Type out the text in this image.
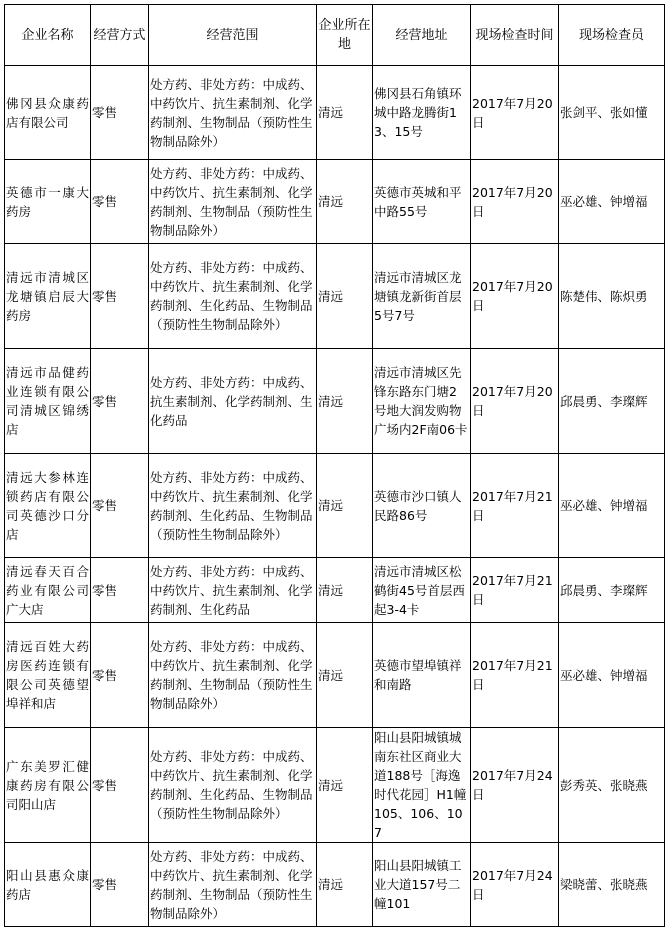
企业名称	经营方式	经营范围	企业所在地	经营地址	现场检查时间	现场检查员
佛冈县众康药店有限公司	零售	处方药、非处方药：中成药、中药饮片、抗生素制剂、化学药制剂、生物制品（预防性生物制品除外）	清远	佛冈县石角镇环城中路龙腾街13、15号	2017年7月20日	张剑平、张如懂
英德市一康大药房	零售	处方药、非处方药：中成药、中药饮片、抗生素制剂、化学药制剂、生物制品（预防性生物制品除外）	清远	英德市英城和平中路55号	2017年7月20日	巫必雄、钟增福
清远市清城区龙塘镇启辰大药房	零售	处方药、非处方药：中成药、中药饮片、抗生素制剂、化学药制剂、生化药品、生物制品（预防性生物制品除外）	清远	清远市清城区龙塘镇龙新街首层5号7号	2017年7月20日	陈楚伟、陈炽勇
清远市品健药业连锁有限公司清城区锦绣店	零售	处方药、非处方药：中成药、抗生素制剂、化学药制剂、生化药品	清远	清远市清城区先锋东路东门塘2号地大润发购物广场内2F南06卡	2017年7月20日	邱晨勇、李璨辉
清远大参林连锁药店有限公司英德沙口分店	零售	处方药、非处方药：中成药、中药饮片、抗生素制剂、化学药制剂、生化药品、生物制品（预防性生物制品除外）	清远	英德市沙口镇人民路86号	2017年7月21日	巫必雄、钟增福
清远春天百合药业有限公司广大店	零售	处方药、非处方药：中成药、中药饮片、抗生素制剂、化学药制剂、生化药品	清远	清远市清城区松鹤街45号首层西起3-4卡	2017年7月21日	邱晨勇、李璨辉
清远百姓大药房医药连锁有限公司英德望埠祥和店	零售	处方药、非处方药：中成药、中药饮片、抗生素制剂、化学药制剂、生物制品（预防性生物制品除外）	清远	英德市望埠镇祥和南路	2017年7月21日	巫必雄、钟增福
广东美罗汇健康药房有限公司阳山店	零售	处方药、非处方药：中成药、中药饮片、抗生素制剂、化学药制剂、生化药品、生物制品（预防性生物制品除外）	清远	阳山县阳城镇城南东社区商业大道188号［海逸时代花园］H1幢105、106、107	2017年7月24日	彭秀英、张晓燕
阳山县惠众康药店	零售	处方药、非处方药：中成药、中药饮片、抗生素制剂、化学药制剂、生物制品（预防性生物制品除外）	清远	阳山县阳城镇工业大道157号二幢101	2017年7月24日	梁晓蕾、张晓燕
